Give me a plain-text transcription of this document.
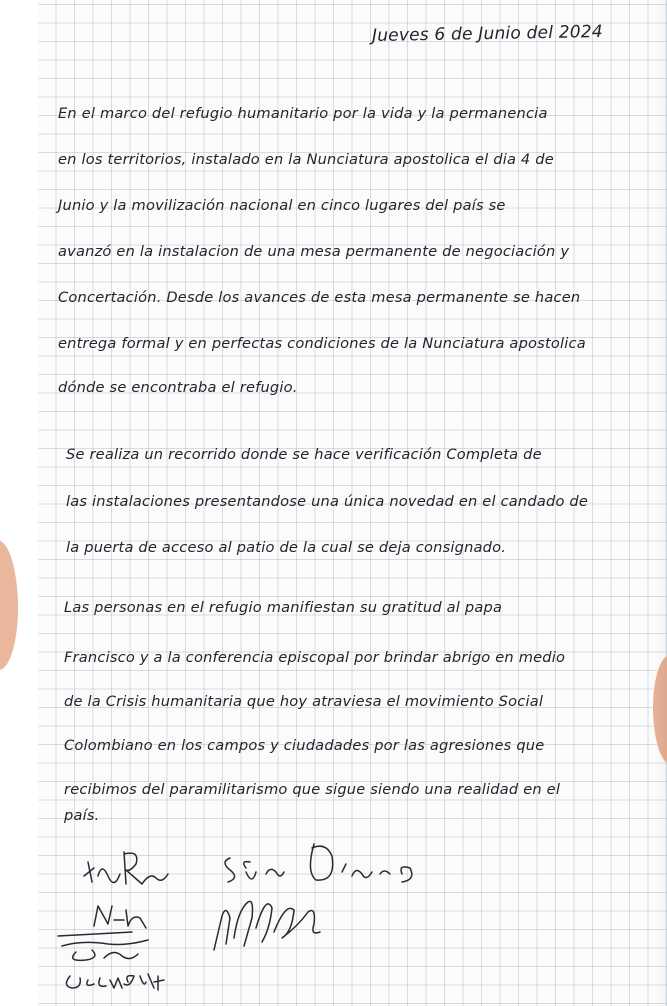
Jueves 6 de Junio del 2024

En el marco del refugio humanitario por la vida y la permanencia

en los territorios, instalado en la Nunciatura apostolica el dia 4 de

Junio y la movilización nacional en cinco lugares del país se

avanzó en la instalacion de una mesa permanente de negociación y

Concertación. Desde los avances de esta mesa permanente se hacen

entrega formal y en perfectas condiciones de la Nunciatura apostolica

dónde se encontraba el refugio.

Se realiza un recorrido donde se hace verificación Completa de

las instalaciones presentandose una única novedad en el candado de

la puerta de acceso al patio de la cual se deja consignado.

Las personas en el refugio manifiestan su gratitud al papa

Francisco y a la conferencia episcopal por brindar abrigo en medio

de la Crisis humanitaria que hoy atraviesa el movimiento Social

Colombiano en los campos y ciudadades por las agresiones que

recibimos del paramilitarismo que sigue siendo una realidad en el

país.
